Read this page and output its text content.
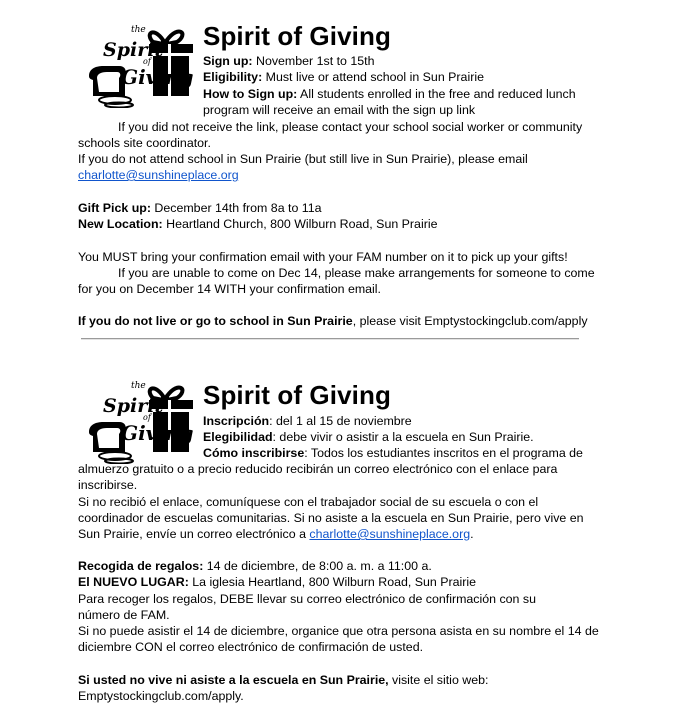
Spirit of Giving
Sign up: November 1st to 15th
Eligibility: Must live or attend school in Sun Prairie
How to Sign up: All students enrolled in the free and reduced lunch
program will receive an email with the sign up link
If you did not receive the link, please contact your school social worker or community
schools site coordinator.
If you do not attend school in Sun Prairie (but still live in Sun Prairie), please email
charlotte@sunshineplace.org
Gift Pick up: December 14th from 8a to 11a
New Location: Heartland Church, 800 Wilburn Road, Sun Prairie
You MUST bring your confirmation email with your FAM number on it to pick up your gifts!
If you are unable to come on Dec 14, please make arrangements for someone to come
for you on December 14 WITH your confirmation email.
If you do not live or go to school in Sun Prairie, please visit Emptystockingclub.com/apply
Spirit of Giving
Inscripción: del 1 al 15 de noviembre
Elegibilidad: debe vivir o asistir a la escuela en Sun Prairie.
Cómo inscribirse: Todos los estudiantes inscritos en el programa de
almuerzo gratuito o a precio reducido recibirán un correo electrónico con el enlace para
inscribirse.
Si no recibió el enlace, comuníquese con el trabajador social de su escuela o con el
coordinador de escuelas comunitarias. Si no asiste a la escuela en Sun Prairie, pero vive en
Sun Prairie, envíe un correo electrónico a charlotte@sunshineplace.org.
Recogida de regalos: 14 de diciembre, de 8:00 a. m. a 11:00 a.
El NUEVO LUGAR: La iglesia Heartland, 800 Wilburn Road, Sun Prairie
Para recoger los regalos, DEBE llevar su correo electrónico de confirmación con su
número de FAM.
Si no puede asistir el 14 de diciembre, organice que otra persona asista en su nombre el 14 de
diciembre CON el correo electrónico de confirmación de usted.
Si usted no vive ni asiste a la escuela en Sun Prairie, visite el sitio web:
Emptystockingclub.com/apply.
